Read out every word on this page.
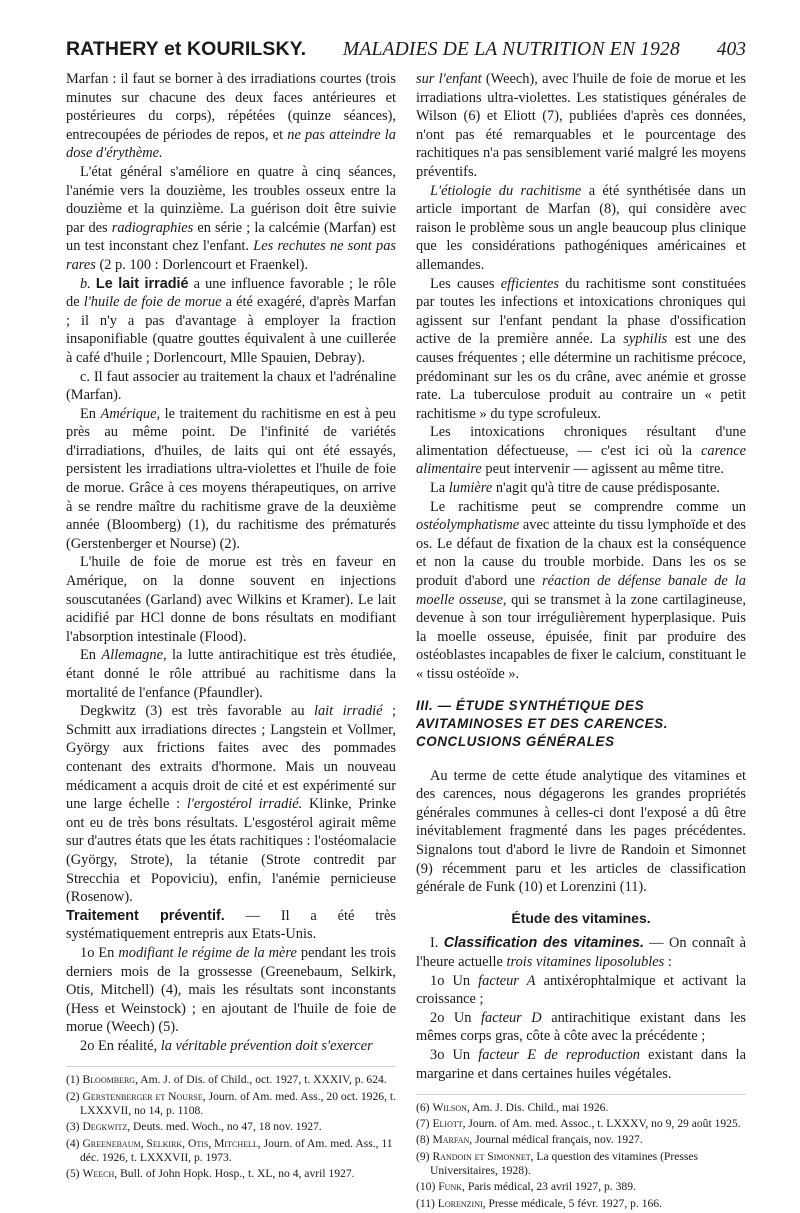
RATHERY et KOURILSKY. MALADIES DE LA NUTRITION EN 1928 403

Marfan : il faut se borner à des irradiations courtes (trois minutes sur chacune des deux faces antérieures et postérieures du corps), répétées (quinze séances), entrecoupées de périodes de repos, et ne pas atteindre la dose d'érythème.

L'état général s'améliore en quatre à cinq séances, l'anémie vers la douzième, les troubles osseux entre la douzième et la quinzième. La guérison doit être suivie par des radiographies en série ; la calcémie (Marfan) est un test inconstant chez l'enfant. Les rechutes ne sont pas rares (2 p. 100 : Dorlencourt et Fraenkel).

b. Le lait irradié a une influence favorable ; le rôle de l'huile de foie de morue a été exagéré, d'après Marfan ; il n'y a pas d'avantage à employer la fraction insaponifiable (quatre gouttes équivalent à une cuillerée à café d'huile ; Dorlencourt, Mlle Spauien, Debray).

c. Il faut associer au traitement la chaux et l'adrénaline (Marfan).

En Amérique, le traitement du rachitisme en est à peu près au même point. De l'infinité de variétés d'irradiations, d'huiles, de laits qui ont été essayés, persistent les irradiations ultra-violettes et l'huile de foie de morue. Grâce à ces moyens thérapeutiques, on arrive à se rendre maître du rachitisme grave de la deuxième année (Bloomberg) (1), du rachitisme des prématurés (Gerstenberger et Nourse) (2).

L'huile de foie de morue est très en faveur en Amérique, on la donne souvent en injections souscutanées (Garland) avec Wilkins et Kramer). Le lait acidifié par HCl donne de bons résultats en modifiant l'absorption intestinale (Flood).

En Allemagne, la lutte antirachitique est très étudiée, étant donné le rôle attribué au rachitisme dans la mortalité de l'enfance (Pfaundler).

Degkwitz (3) est très favorable au lait irradié ; Schmitt aux irradiations directes ; Langstein et Vollmer, György aux frictions faites avec des pommades contenant des extraits d'hormone. Mais un nouveau médicament a acquis droit de cité et est expérimenté sur une large échelle : l'ergostérol irradié. Klinke, Prinke ont eu de très bons résultats. L'esgostérol agirait même sur d'autres états que les états rachitiques : l'ostéomalacie (György, Strote), la tétanie (Strote contredit par Strecchia et Popoviciu), enfin, l'anémie pernicieuse (Rosenow).

Traitement préventif. — Il a été très systématiquement entrepris aux Etats-Unis.

1o En modifiant le régime de la mère pendant les trois derniers mois de la grossesse (Greenebaum, Selkirk, Otis, Mitchell) (4), mais les résultats sont inconstants (Hess et Weinstock) ; en ajoutant de l'huile de foie de morue (Weech) (5).

2o En réalité, la véritable prévention doit s'exercer

(1) Bloomberg, Am. J. of Dis. of Child., oct. 1927, t. XXXIV, p. 624.
(2) Gerstenberger et Nourse, Journ. of Am. med. Ass., 20 oct. 1926, t. LXXXVII, no 14, p. 1108.
(3) Degkwitz, Deuts. med. Woch., no 47, 18 nov. 1927.
(4) Greenebaum, Selkirk, Otis, Mitchell, Journ. of Am. med. Ass., 11 déc. 1926, t. LXXXVII, p. 1973.
(5) Weech, Bull. of John Hopk. Hosp., t. XL, no 4, avril 1927.

sur l'enfant (Weech), avec l'huile de foie de morue et les irradiations ultra-violettes. Les statistiques générales de Wilson (6) et Eliott (7), publiées d'après ces données, n'ont pas été remarquables et le pourcentage des rachitiques n'a pas sensiblement varié malgré les moyens préventifs.

L'étiologie du rachitisme a été synthétisée dans un article important de Marfan (8), qui considère avec raison le problème sous un angle beaucoup plus clinique que les considérations pathogéniques américaines et allemandes.

Les causes efficientes du rachitisme sont constituées par toutes les infections et intoxications chroniques qui agissent sur l'enfant pendant la phase d'ossification active de la première année. La syphilis est une des causes fréquentes ; elle détermine un rachitisme précoce, prédominant sur les os du crâne, avec anémie et grosse rate. La tuberculose produit au contraire un « petit rachitisme » du type scrofuleux.

Les intoxications chroniques résultant d'une alimentation défectueuse, — c'est ici où la carence alimentaire peut intervenir — agissent au même titre.

La lumière n'agit qu'à titre de cause prédisposante.

Le rachitisme peut se comprendre comme un ostéolymphatisme avec atteinte du tissu lymphoïde et des os. Le défaut de fixation de la chaux est la conséquence et non la cause du trouble morbide. Dans les os se produit d'abord une réaction de défense banale de la moelle osseuse, qui se transmet à la zone cartilagineuse, devenue à son tour irrégulièrement hyperplasique. Puis la moelle osseuse, épuisée, finit par produire des ostéoblastes incapables de fixer le calcium, constituant le « tissu ostéoïde ».

III. — ÉTUDE SYNTHÉTIQUE DES AVITAMINOSES ET DES CARENCES. CONCLUSIONS GÉNÉRALES

Au terme de cette étude analytique des vitamines et des carences, nous dégagerons les grandes propriétés générales communes à celles-ci dont l'exposé a dû être inévitablement fragmenté dans les pages précédentes. Signalons tout d'abord le livre de Randoin et Simonnet (9) récemment paru et les articles de classification générale de Funk (10) et Lorenzini (11).

Étude des vitamines.

I. Classification des vitamines. — On connaît à l'heure actuelle trois vitamines liposolubles :

1o Un facteur A antixérophtalmique et activant la croissance ;

2o Un facteur D antirachitique existant dans les mêmes corps gras, côte à côte avec la précédente ;

3o Un facteur E de reproduction existant dans la margarine et dans certaines huiles végétales.

(6) Wilson, Am. J. Dis. Child., mai 1926.
(7) Eliott, Journ. of Am. med. Assoc., t. LXXXV, no 9, 29 août 1925.
(8) Marfan, Journal médical français, nov. 1927.
(9) Randoin et Simonnet, La question des vitamines (Presses Universitaires, 1928).
(10) Funk, Paris médical, 23 avril 1927, p. 389.
(11) Lorenzini, Presse médicale, 5 févr. 1927, p. 166.
